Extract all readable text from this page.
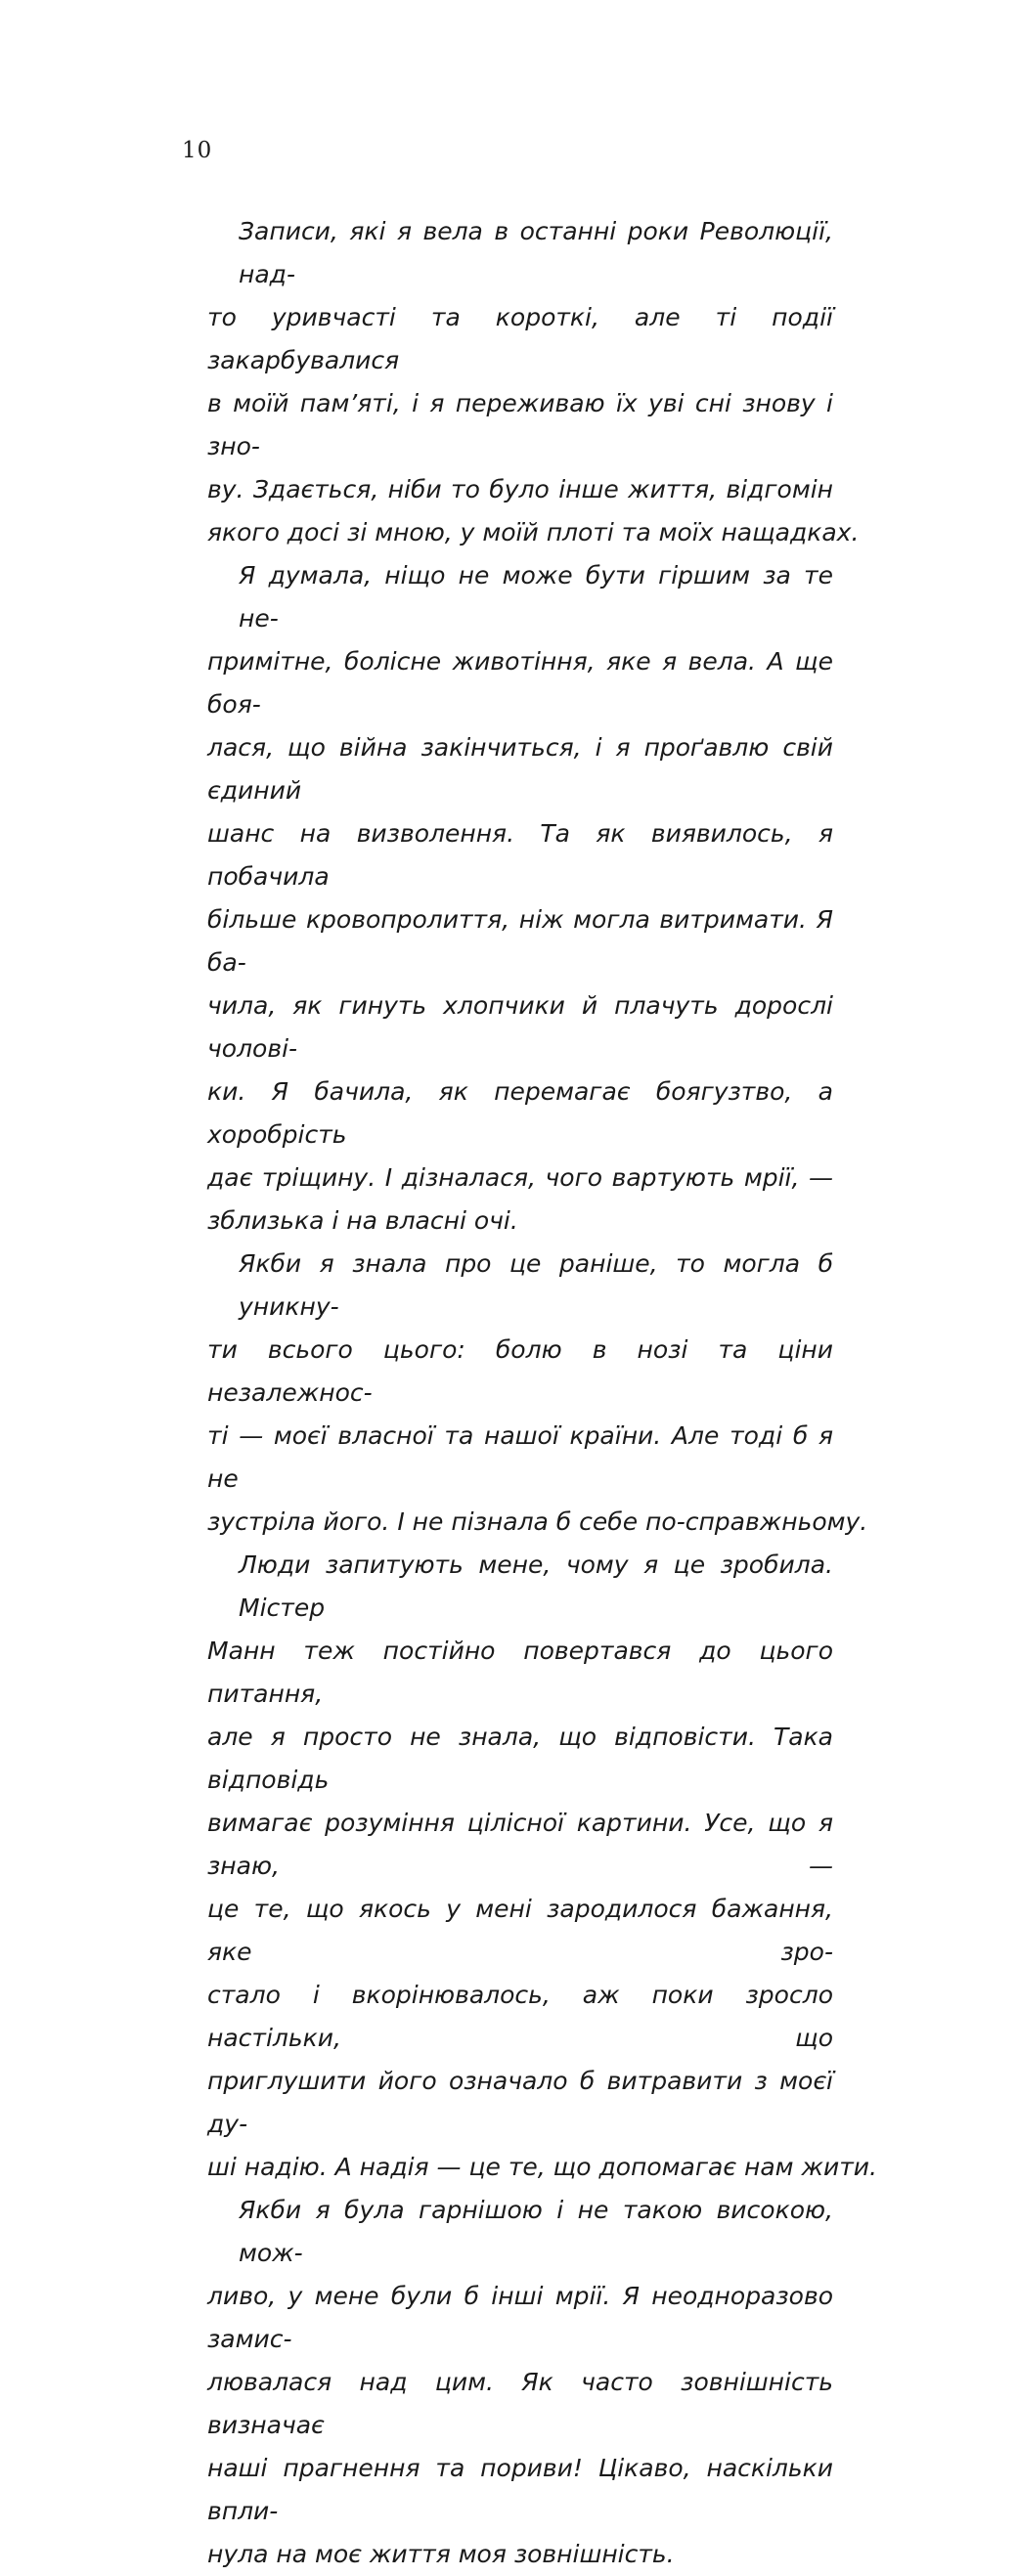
10
Записи, які я вела в останні роки Революції, над-
то уривчасті та короткі, але ті події закарбувалися
в моїй пам’яті, і я переживаю їх уві сні знову і зно-
ву. Здається, ніби то було інше життя, відгомін
якого досі зі мною, у моїй плоті та моїх нащадках.
Я думала, ніщо не може бути гіршим за те не-
примітне, болісне животіння, яке я вела. А ще боя-
лася, що війна закінчиться, і я проґавлю свій єдиний
шанс на визволення. Та як виявилось, я побачила
більше кровопролиття, ніж могла витримати. Я ба-
чила, як гинуть хлопчики й плачуть дорослі чолові-
ки. Я бачила, як перемагає боягузтво, а хоробрість
дає тріщину. І дізналася, чого вартують мрії, —
зблизька і на власні очі.
Якби я знала про це раніше, то могла б уникну-
ти всього цього: болю в нозі та ціни незалежнос-
ті — моєї власної та нашої країни. Але тоді б я не
зустріла його. І не пізнала б себе по-справжньому.
Люди запитують мене, чому я це зробила. Містер
Манн теж постійно повертався до цього питання,
але я просто не знала, що відповісти. Така відповідь
вимагає розуміння цілісної картини. Усе, що я знаю, —
це те, що якось у мені зародилося бажання, яке зро-
стало і вкорінювалось, аж поки зросло настільки, що
приглушити його означало б витравити з моєї ду-
ші надію. А надія — це те, що допомагає нам жити.
Якби я була гарнішою і не такою високою, мож-
ливо, у мене були б інші мрії. Я неодноразово замис-
лювалася над цим. Як часто зовнішність визначає
наші прагнення та пориви! Цікаво, наскільки впли-
нула на моє життя моя зовнішність.
